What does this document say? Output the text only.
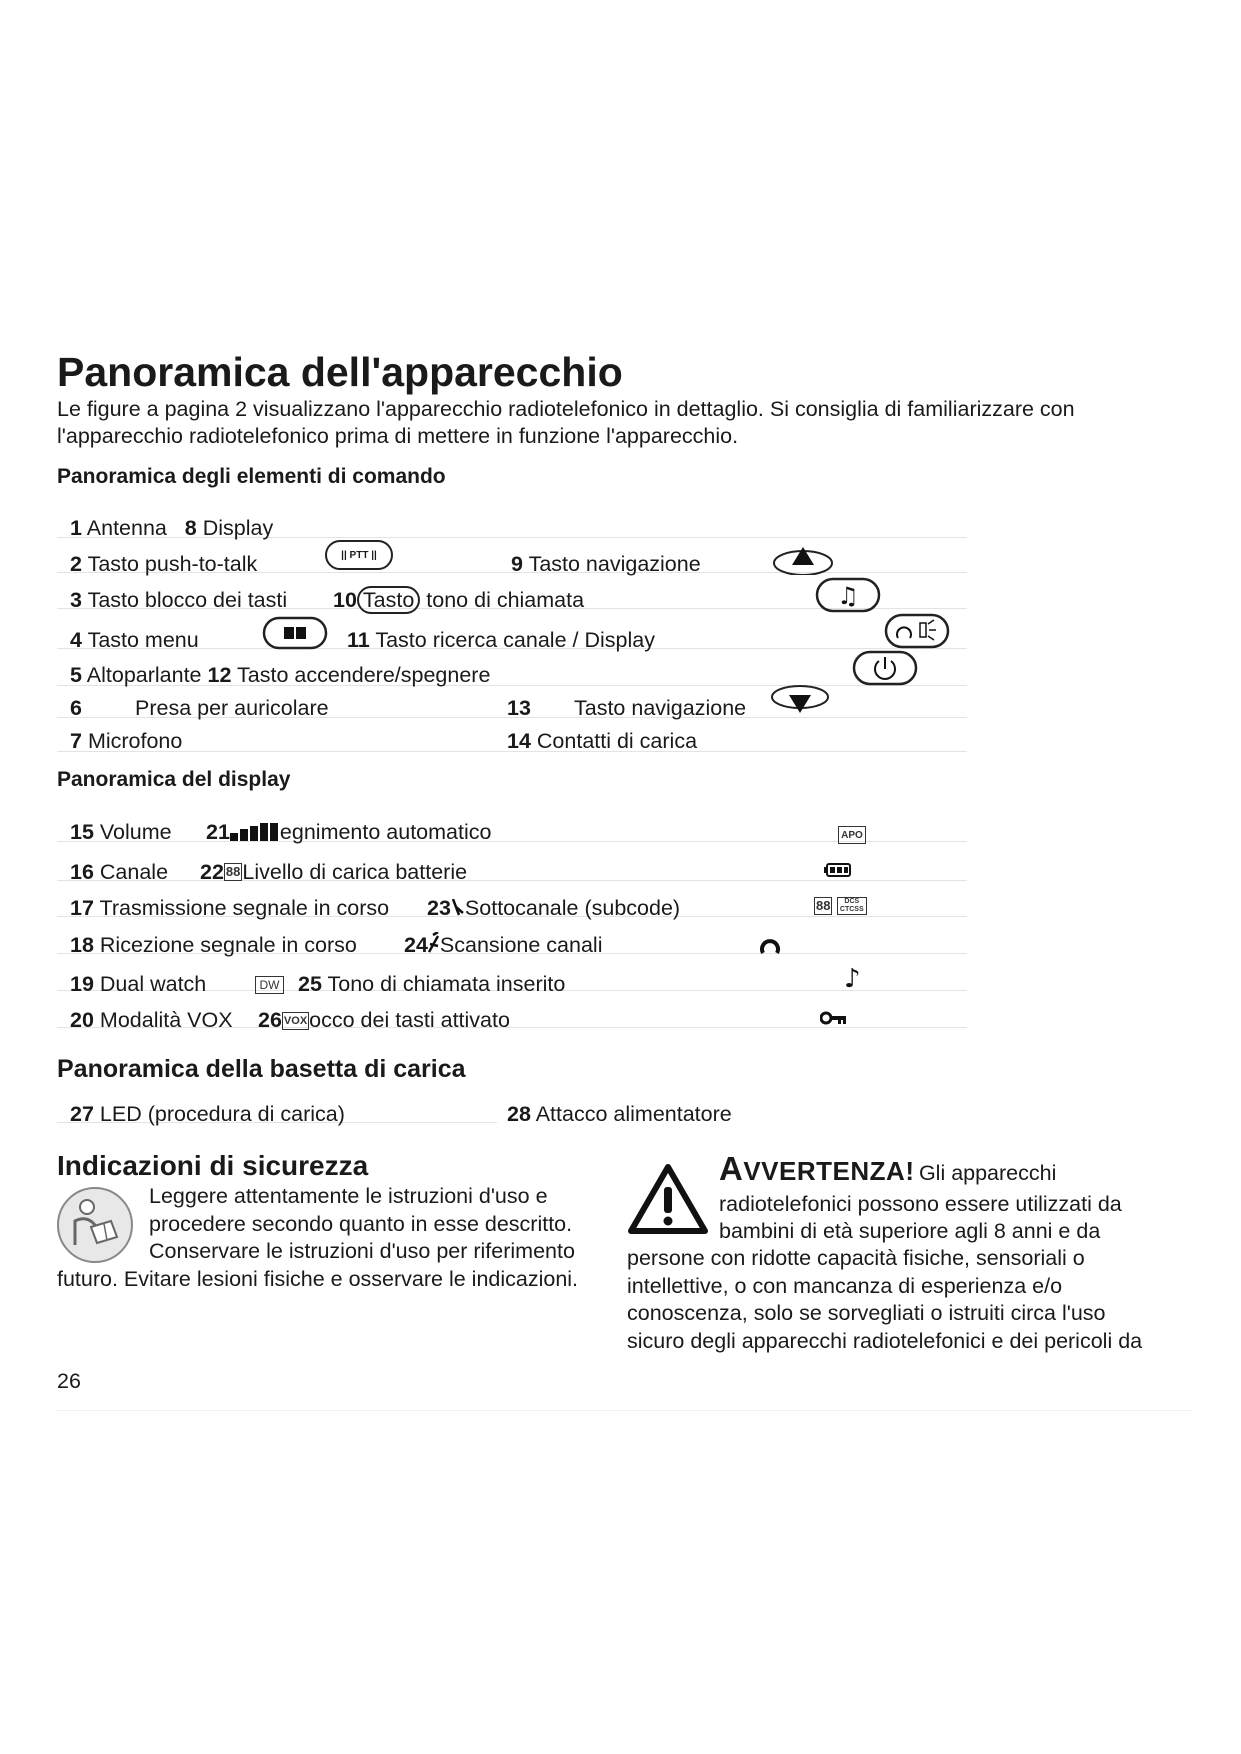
Panoramica dell'apparecchio
Le figure a pagina 2 visualizzano l'apparecchio radiotelefonico in dettaglio. Si consiglia di familiarizzare con l'apparecchio radiotelefonico prima di mettere in funzione l'apparecchio.
Panoramica degli elementi di comando
1 Antenna 8 Display
2 Tasto push-to-talk	|| PTT ||	9 Tasto navigazione
3 Tasto blocco dei tasti 10 Tasto tono di chiamata	♫
4 Tasto menu	11 Tasto ricerca canale / Display
5 Altoparlante 12 Tasto accendere/spegnere
6 Presa per auricolare	13 Tasto navigazione
7 Microfono	14 Contatti di carica
Panoramica del display
15 Volume 21 egnimento automatico	APO
16 Canale 22 88Livello di carica batterie
17 Trasmissione segnale in corso 23 Sottocanale (subcode)	88 DCS
CTCSS
18 Ricezione segnale in corso 24 Scansione canali
19 Dual watch	DW 25 Tono di chiamata inserito	♪
20 Modalità VOX 26 VOXocco dei tasti attivato
Panoramica della basetta di carica
27 LED (procedura di carica)	28 Attacco alimentatore
Indicazioni di sicurezza
Leggere attentamente le istruzioni d'uso e
procedere secondo quanto in esse descritto.
Conservare le istruzioni d'uso per riferimento
futuro. Evitare lesioni fisiche e osservare le indicazioni.
AVVERTENZA! Gli apparecchi
radiotelefonici possono essere utilizzati da
bambini di età superiore agli 8 anni e da
persone con ridotte capacità fisiche, sensoriali o
intellettive, o con mancanza di esperienza e/o
conoscenza, solo se sorvegliati o istruiti circa l'uso
sicuro degli apparecchi radiotelefonici e dei pericoli da
26
